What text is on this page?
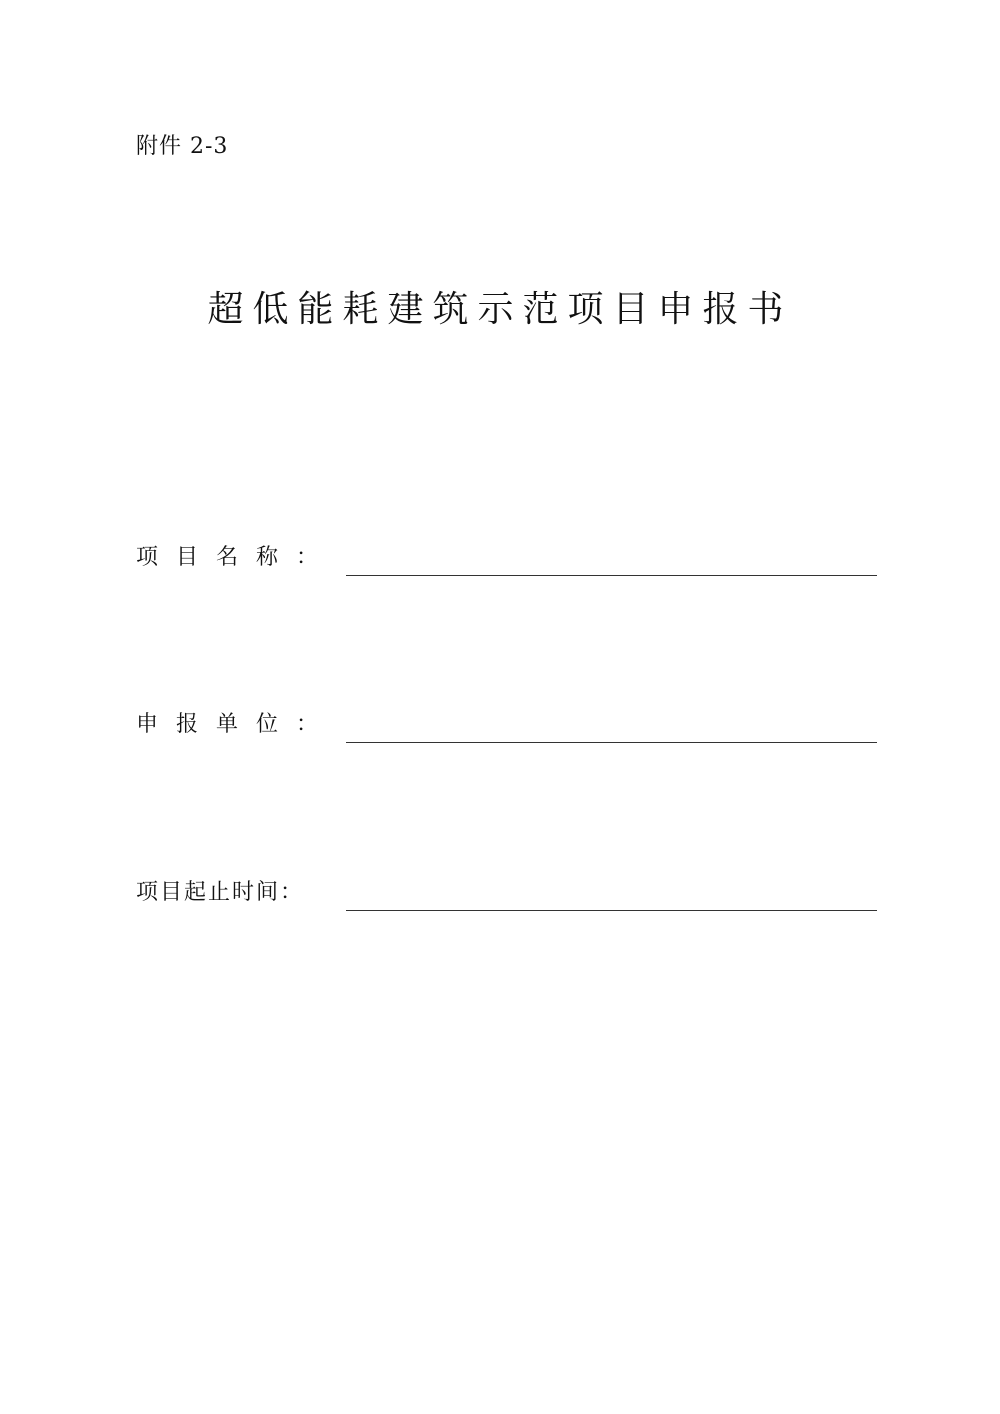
附件 2-3
超低能耗建筑示范项目申报书
项目名称：
申报单位：
项目起止时间：
